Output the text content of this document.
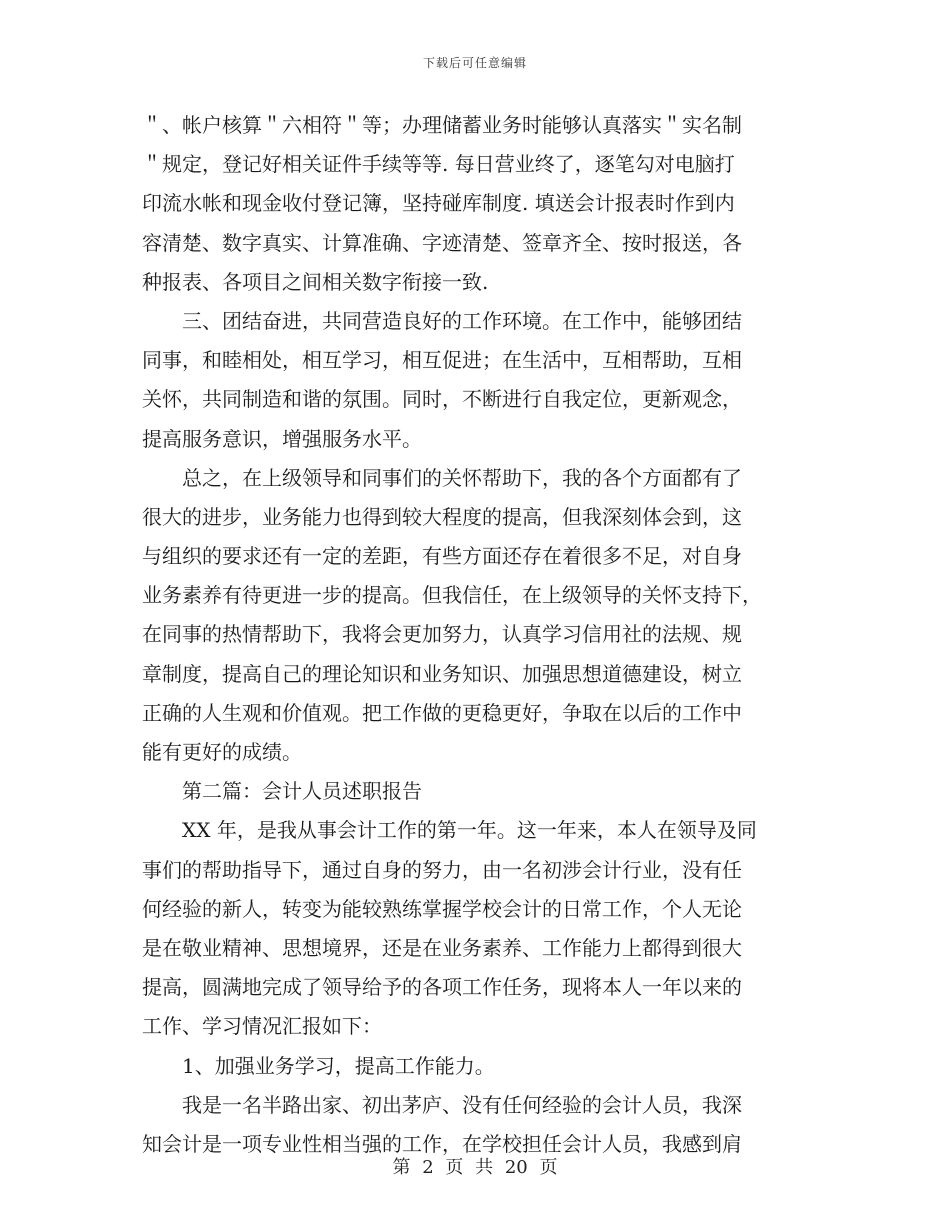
下载后可任意编辑
＂、帐户核算＂六相符＂等；办理储蓄业务时能够认真落实＂实名制
＂规定，登记好相关证件手续等等. 每日营业终了，逐笔勾对电脑打
印流水帐和现金收付登记簿，坚持碰库制度. 填送会计报表时作到内
容清楚、数字真实、计算准确、字迹清楚、签章齐全、按时报送，各
种报表、各项目之间相关数字衔接一致.
三、团结奋进，共同营造良好的工作环境。在工作中，能够团结
同事，和睦相处，相互学习，相互促进；在生活中，互相帮助，互相
关怀，共同制造和谐的氛围。同时，不断进行自我定位，更新观念，
提高服务意识，增强服务水平。
总之，在上级领导和同事们的关怀帮助下，我的各个方面都有了
很大的进步，业务能力也得到较大程度的提高，但我深刻体会到，这
与组织的要求还有一定的差距，有些方面还存在着很多不足，对自身
业务素养有待更进一步的提高。但我信任，在上级领导的关怀支持下，
在同事的热情帮助下，我将会更加努力，认真学习信用社的法规、规
章制度，提高自己的理论知识和业务知识、加强思想道德建设，树立
正确的人生观和价值观。把工作做的更稳更好，争取在以后的工作中
能有更好的成绩。
第二篇：会计人员述职报告
XX 年，是我从事会计工作的第一年。这一年来，本人在领导及同
事们的帮助指导下，通过自身的努力，由一名初涉会计行业，没有任
何经验的新人，转变为能较熟练掌握学校会计的日常工作，个人无论
是在敬业精神、思想境界，还是在业务素养、工作能力上都得到很大
提高，圆满地完成了领导给予的各项工作任务，现将本人一年以来的
工作、学习情况汇报如下：
1、加强业务学习，提高工作能力。
我是一名半路出家、初出茅庐、没有任何经验的会计人员，我深
知会计是一项专业性相当强的工作，在学校担任会计人员，我感到肩
第 2 页 共 20 页
